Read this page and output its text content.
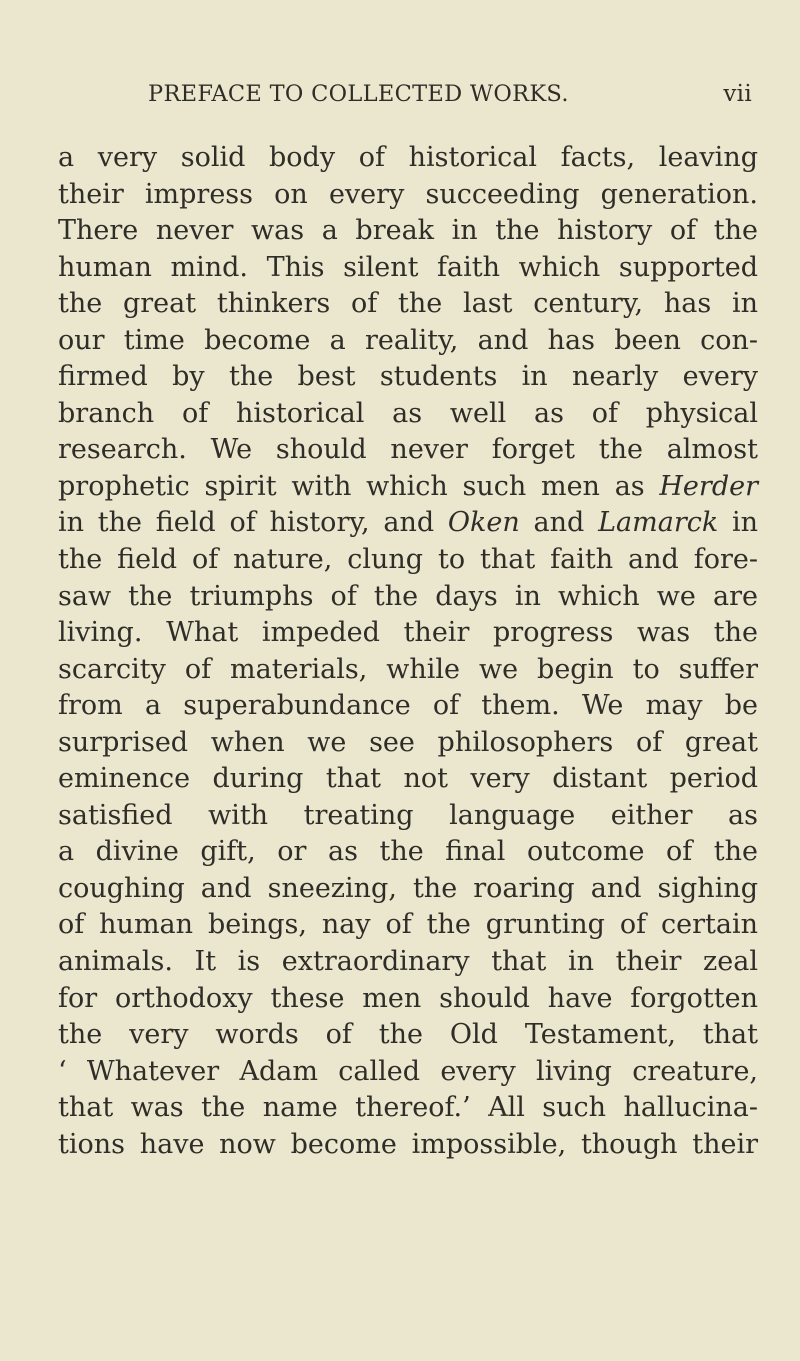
PREFACE TO COLLECTED WORKS.	vii
a very solid body of historical facts, leaving
their impress on every succeeding generation.
There never was a break in the history of the
human mind. This silent faith which supported
the great thinkers of the last century, has in
our time become a reality, and has been con-
firmed by the best students in nearly every
branch of historical as well as of physical
research. We should never forget the almost
prophetic spirit with which such men as Herder
in the field of history, and Oken and Lamarck in
the field of nature, clung to that faith and fore-
saw the triumphs of the days in which we are
living. What impeded their progress was the
scarcity of materials, while we begin to suffer
from a superabundance of them. We may be
surprised when we see philosophers of great
eminence during that not very distant period
satisfied with treating language either as
a divine gift, or as the final outcome of the
coughing and sneezing, the roaring and sighing
of human beings, nay of the grunting of certain
animals. It is extraordinary that in their zeal
for orthodoxy these men should have forgotten
the very words of the Old Testament, that
‘ Whatever Adam called every living creature,
that was the name thereof.’ All such hallucina-
tions have now become impossible, though their
